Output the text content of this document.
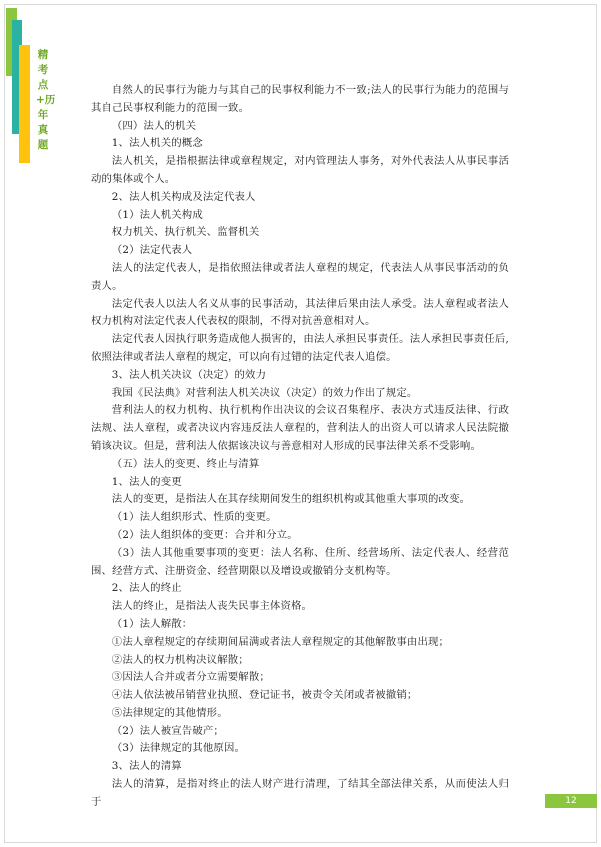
精考点+历年真题

自然人的民事行为能力与其自己的民事权利能力不一致;法人的民事行为能力的范围与其自己民事权利能力的范围一致。

（四）法人的机关

1、法人机关的概念

法人机关，是指根据法律或章程规定，对内管理法人事务，对外代表法人从事民事活动的集体或个人。

2、法人机关构成及法定代表人

（1）法人机关构成

权力机关、执行机关、监督机关

（2）法定代表人

法人的法定代表人，是指依照法律或者法人章程的规定，代表法人从事民事活动的负责人。

法定代表人以法人名义从事的民事活动，其法律后果由法人承受。法人章程或者法人权力机构对法定代表人代表权的限制，不得对抗善意相对人。

法定代表人因执行职务造成他人损害的，由法人承担民事责任。法人承担民事责任后,依照法律或者法人章程的规定，可以向有过错的法定代表人追偿。

3、法人机关决议（决定）的效力

我国《民法典》对营利法人机关决议（决定）的效力作出了规定。

营利法人的权力机构、执行机构作出决议的会议召集程序、表决方式违反法律、行政法规、法人章程，或者决议内容违反法人章程的，营利法人的出资人可以请求人民法院撤销该决议。但是，营利法人依据该决议与善意相对人形成的民事法律关系不受影响。

（五）法人的变更、终止与清算

1、法人的变更

法人的变更，是指法人在其存续期间发生的组织机构或其他重大事项的改变。

（1）法人组织形式、性质的变更。

（2）法人组织体的变更：合并和分立。

（3）法人其他重要事项的变更：法人名称、住所、经营场所、法定代表人、经营范围、经营方式、注册资金、经营期限以及增设或撤销分支机构等。

2、法人的终止

法人的终止，是指法人丧失民事主体资格。

（1）法人解散：

①法人章程规定的存续期间届满或者法人章程规定的其他解散事由出现；

②法人的权力机构决议解散；

③因法人合并或者分立需要解散；

④法人依法被吊销营业执照、登记证书，被责令关闭或者被撤销；

⑤法律规定的其他情形。

（2）法人被宣告破产；

（3）法律规定的其他原因。

3、法人的清算

法人的清算，是指对终止的法人财产进行清理，了结其全部法律关系，从而使法人归于	12
